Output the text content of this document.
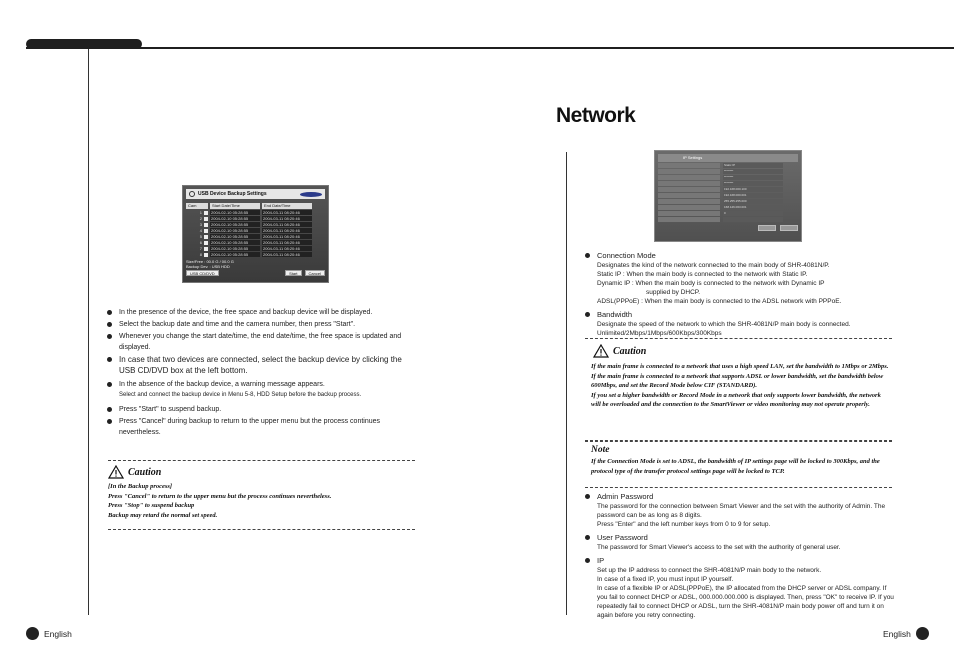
Network
USB Device Backup Settings
Cam	Start Date/Time	End Date/Time
1 2004-02-10 05:28:55	2004-03-11 08:20:46
2 2004-02-10 05:28:55	2004-03-11 08:20:46
3 2004-02-10 05:28:55	2004-03-11 08:20:46
4 2004-02-10 05:28:55	2004-03-11 08:20:46
5 2004-02-10 05:28:55	2004-03-11 08:20:46
6 2004-02-10 05:28:55	2004-03-11 08:20:46
7 2004-02-10 05:28:55	2004-03-11 08:20:46
8 2004-02-10 05:28:55	2004-03-11 08:20:46
Size/Free : 00.0 G / 00.0 G
Backup Dev. : USB HDD
USB CD/DVD	Start	Cancel
IP Settings
Static IP
********
********
********
192.168.000.100
192.168.000.001
255.255.255.000
168.126.063.001
0
In the presence of the device, the free space and backup device will be displayed.
Select the backup date and time and the camera number, then press "Start".
Whenever you change the start date/time, the end date/time, the free space is updated and displayed.
In case that two devices are connected, select the backup device by clicking the USB CD/DVD box at the left bottom.
In the absence of the backup device, a warning message appears.
Select and connect the backup device in Menu 5-8, HDD Setup before the backup process.
Press "Start" to suspend backup.
Press "Cancel" during backup to return to the upper menu but the process continues nevertheless.
Caution
[In the Backup process]
Press "Cancel" to return to the upper menu but the process continues nevertheless.
Press "Stop" to suspend backup
Backup may retard the normal set speed.
Connection Mode
Designates the kind of the network connected to the main body of SHR-4081N/P.
Static IP : When the main body is connected to the network with Static IP.
Dynamic IP : When the main body is connected to the network with Dynamic IP
supplied by DHCP.
ADSL(PPPoE) : When the main body is connected to the ADSL network with PPPoE.
Bandwidth
Designate the speed of the network to which the SHR-4081N/P main body is connected.
Unlimited/2Mbps/1Mbps/600Kbps/300Kbps
Caution
If the main frame is connected to a network that uses a high speed LAN, set the bandwidth to 1Mbps or 2Mbps. If the main frame is connected to a network that supports ADSL or lower bandwidth, set the bandwidth below 600Mbps, and set the Record Mode below CIF (STANDARD).
If you set a higher bandwidth or Record Mode in a network that only supports lower bandwidth, the network will be overloaded and the connection to the SmartViewer or video monitoring may not operate properly.
Note
If the Connection Mode is set to ADSL, the bandwidth of IP settings page will be locked to 300Kbps, and the protocol type of the transfer protocol settings page will be locked to TCP.
Admin Password
The password for the connection between Smart Viewer and the set with the authority of Admin. The password can be as long as 8 digits.
Press "Enter" and the left number keys from 0 to 9 for setup.
User Password
The password for Smart Viewer's access to the set with the authority of general user.
IP
Set up the IP address to connect the SHR-4081N/P main body to the network.
In case of a fixed IP, you must input IP yourself.
In case of a flexible IP or ADSL(PPPoE), the IP allocated from the DHCP server or ADSL company. If you fail to connect DHCP or ADSL, 000.000.000.000 is displayed. Then, press "OK" to receive IP. If you repeatedly fail to connect DHCP or ADSL, turn the SHR-4081N/P main body power off and turn it on again before you retry connecting.
English	English
